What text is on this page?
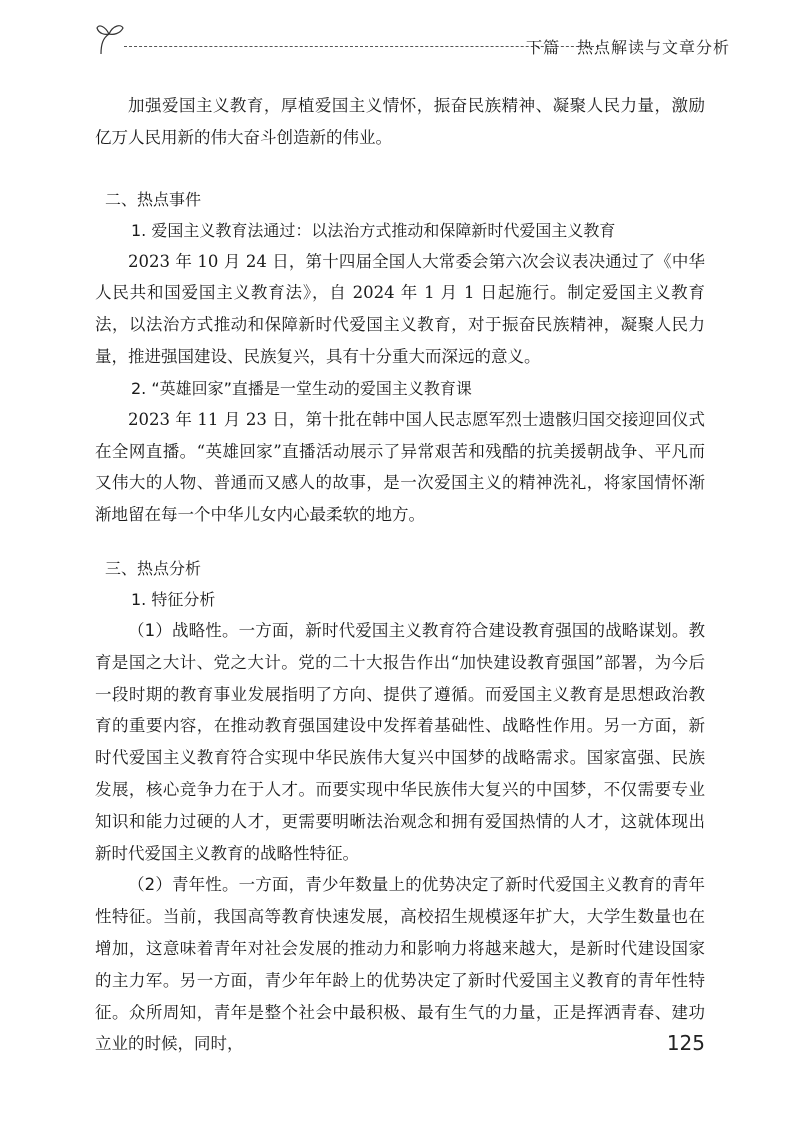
下篇　热点解读与文章分析

加强爱国主义教育，厚植爱国主义情怀，振奋民族精神、凝聚人民力量，激励亿万人民用新的伟大奋斗创造新的伟业。

二、热点事件
1. 爱国主义教育法通过：以法治方式推动和保障新时代爱国主义教育

2023 年 10 月 24 日，第十四届全国人大常委会第六次会议表决通过了《中华人民共和国爱国主义教育法》，自 2024 年 1 月 1 日起施行。制定爱国主义教育法，以法治方式推动和保障新时代爱国主义教育，对于振奋民族精神，凝聚人民力量，推进强国建设、民族复兴，具有十分重大而深远的意义。

2. “英雄回家”直播是一堂生动的爱国主义教育课

2023 年 11 月 23 日，第十批在韩中国人民志愿军烈士遗骸归国交接迎回仪式在全网直播。“英雄回家”直播活动展示了异常艰苦和残酷的抗美援朝战争、平凡而又伟大的人物、普通而又感人的故事，是一次爱国主义的精神洗礼，将家国情怀渐渐地留在每一个中华儿女内心最柔软的地方。

三、热点分析
1. 特征分析

（1）战略性。一方面，新时代爱国主义教育符合建设教育强国的战略谋划。教育是国之大计、党之大计。党的二十大报告作出“加快建设教育强国”部署，为今后一段时期的教育事业发展指明了方向、提供了遵循。而爱国主义教育是思想政治教育的重要内容，在推动教育强国建设中发挥着基础性、战略性作用。另一方面，新时代爱国主义教育符合实现中华民族伟大复兴中国梦的战略需求。国家富强、民族发展，核心竞争力在于人才。而要实现中华民族伟大复兴的中国梦，不仅需要专业知识和能力过硬的人才，更需要明晰法治观念和拥有爱国热情的人才，这就体现出新时代爱国主义教育的战略性特征。

（2）青年性。一方面，青少年数量上的优势决定了新时代爱国主义教育的青年性特征。当前，我国高等教育快速发展，高校招生规模逐年扩大，大学生数量也在增加，这意味着青年对社会发展的推动力和影响力将越来越大，是新时代建设国家的主力军。另一方面，青少年年龄上的优势决定了新时代爱国主义教育的青年性特征。众所周知，青年是整个社会中最积极、最有生气的力量，正是挥洒青春、建功立业的时候，同时，	125
